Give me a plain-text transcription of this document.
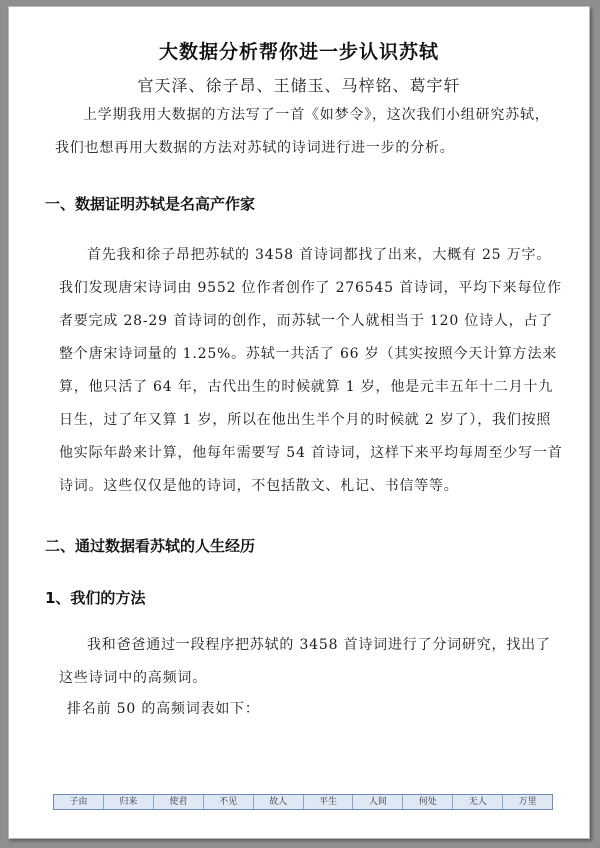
大数据分析帮你进一步认识苏轼
官天泽、徐子昂、王储玉、马梓铭、葛宇轩
上学期我用大数据的方法写了一首《如梦令》，这次我们小组研究苏轼，我们也想再用大数据的方法对苏轼的诗词进行进一步的分析。
一、数据证明苏轼是名高产作家
首先我和徐子昂把苏轼的 3458 首诗词都找了出来，大概有 25 万字。我们发现唐宋诗词由 9552 位作者创作了 276545 首诗词，平均下来每位作者要完成 28-29 首诗词的创作，而苏轼一个人就相当于 120 位诗人，占了整个唐宋诗词量的 1.25%。苏轼一共活了 66 岁（其实按照今天计算方法来算，他只活了 64 年，古代出生的时候就算 1 岁，他是元丰五年十二月十九日生，过了年又算 1 岁，所以在他出生半个月的时候就 2 岁了），我们按照他实际年龄来计算，他每年需要写 54 首诗词，这样下来平均每周至少写一首诗词。这些仅仅是他的诗词，不包括散文、札记、书信等等。
二、通过数据看苏轼的人生经历
1、我们的方法
我和爸爸通过一段程序把苏轼的 3458 首诗词进行了分词研究，找出了这些诗词中的高频词。
排名前 50 的高频词表如下：
子由	归来	使君	不见	故人	平生	人间	何处	无人	万里
